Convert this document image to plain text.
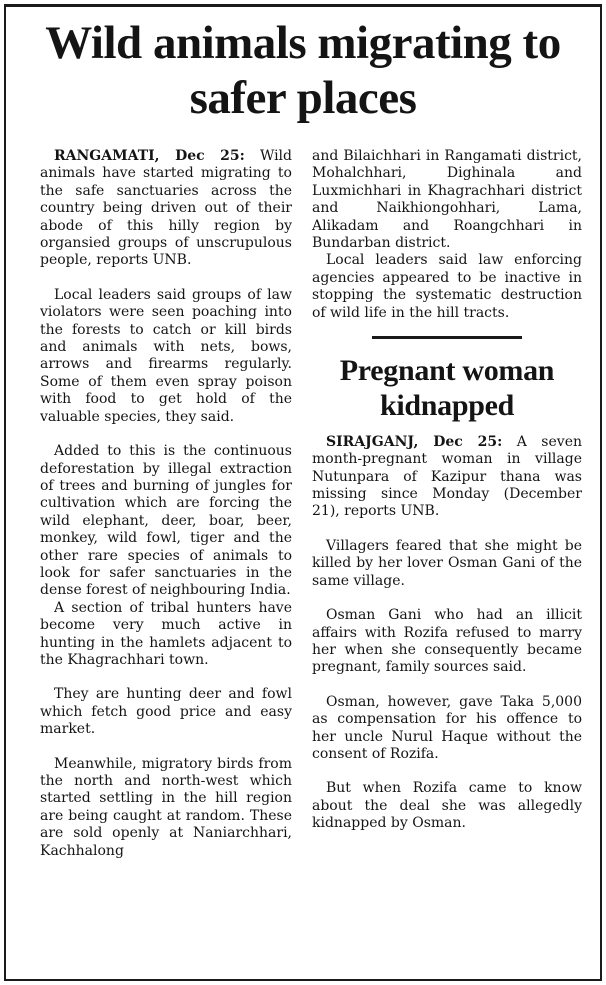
Wild animals migrating to safer places

RANGAMATI, Dec 25: Wild animals have started migrating to the safe sanctuaries across the country being driven out of their abode of this hilly region by organsied groups of unscrupulous people, reports UNB.

Local leaders said groups of law violators were seen poaching into the forests to catch or kill birds and animals with nets, bows, arrows and firearms regularly. Some of them even spray poison with food to get hold of the valuable species, they said.

Added to this is the continuous deforestation by illegal extraction of trees and burning of jungles for cultivation which are forcing the wild elephant, deer, boar, beer, monkey, wild fowl, tiger and the other rare species of animals to look for safer sanctuaries in the dense forest of neighbouring India.

A section of tribal hunters have become very much active in hunting in the hamlets adjacent to the Khagrachhari town.

They are hunting deer and fowl which fetch good price and easy market.

Meanwhile, migratory birds from the north and north-west which started settling in the hill region are being caught at random. These are sold openly at Naniarchhari, Kachhalong

and Bilaichhari in Rangamati district, Mohalchhari, Dighinala and Luxmichhari in Khagrachhari district and Naikhiongohhari, Lama, Alikadam and Roangchhari in Bundarban district.

Local leaders said law enforcing agencies appeared to be inactive in stopping the systematic destruction of wild life in the hill tracts.

Pregnant woman kidnapped

SIRAJGANJ, Dec 25: A seven month-pregnant woman in village Nutunpara of Kazipur thana was missing since Monday (December 21), reports UNB.

Villagers feared that she might be killed by her lover Osman Gani of the same village.

Osman Gani who had an illicit affairs with Rozifa refused to marry her when she consequently became pregnant, family sources said.

Osman, however, gave Taka 5,000 as compensation for his offence to her uncle Nurul Haque without the consent of Rozifa.

But when Rozifa came to know about the deal she was allegedly kidnapped by Osman.
